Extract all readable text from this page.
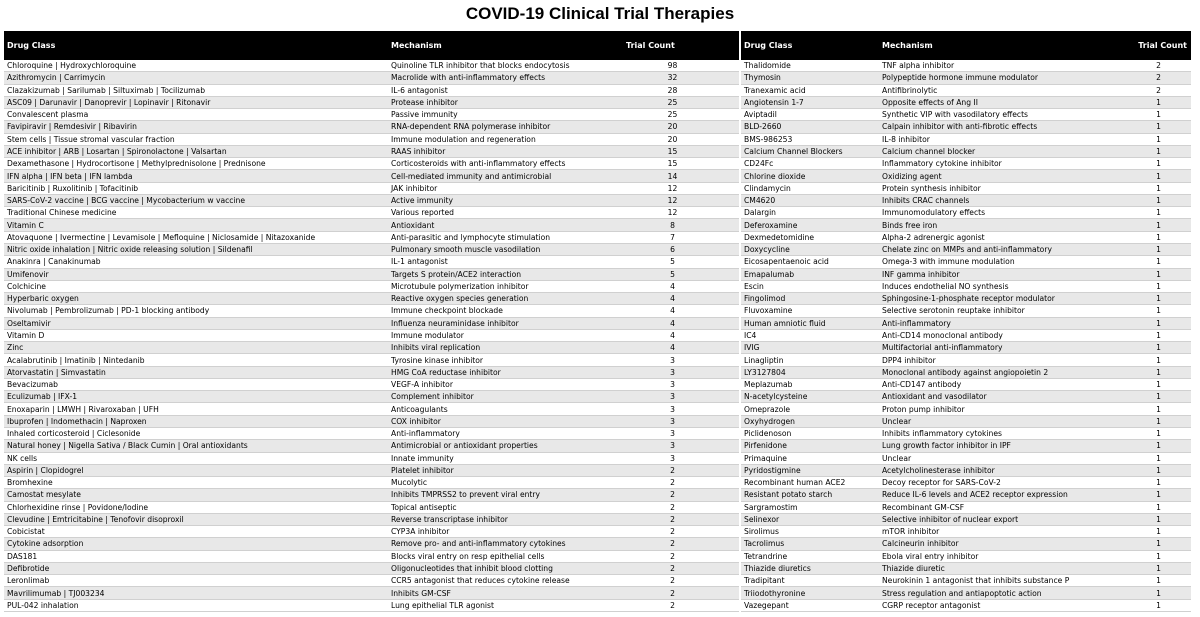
COVID-19 Clinical Trial Therapies
Drug Class	Mechanism	Trial Count
Chloroquine | Hydroxychloroquine	Quinoline TLR inhibitor that blocks endocytosis	98
Azithromycin | Carrimycin	Macrolide with anti-inflammatory effects	32
Clazakizumab | Sarilumab | Siltuximab | Tocilizumab	IL-6 antagonist	28
ASC09 | Darunavir | Danoprevir | Lopinavir | Ritonavir	Protease inhibitor	25
Convalescent plasma	Passive immunity	25
Favipiravir | Remdesivir | Ribavirin	RNA-dependent RNA polymerase inhibitor	20
Stem cells | Tissue stromal vascular fraction	Immune modulation and regeneration	20
ACE inhibitor | ARB | Losartan | Spironolactone | Valsartan	RAAS inhibitor	15
Dexamethasone | Hydrocortisone | Methylprednisolone | Prednisone	Corticosteroids with anti-inflammatory effects	15
IFN alpha | IFN beta | IFN lambda	Cell-mediated immunity and antimicrobial	14
Baricitinib | Ruxolitinib | Tofacitinib	JAK inhibitor	12
SARS-CoV-2 vaccine | BCG vaccine | Mycobacterium w vaccine	Active immunity	12
Traditional Chinese medicine	Various reported	12
Vitamin C	Antioxidant	8
Atovaquone | Ivermectine | Levamisole | Mefloquine | Niclosamide | Nitazoxanide	Anti-parasitic and lymphocyte stimulation	7
Nitric oxide inhalation | Nitric oxide releasing solution | Sildenafil	Pulmonary smooth muscle vasodilation	6
Anakinra | Canakinumab	IL-1 antagonist	5
Umifenovir	Targets S protein/ACE2 interaction	5
Colchicine	Microtubule polymerization inhibitor	4
Hyperbaric oxygen	Reactive oxygen species generation	4
Nivolumab | Pembrolizumab | PD-1 blocking antibody	Immune checkpoint blockade	4
Oseltamivir	Influenza neuraminidase inhibitor	4
Vitamin D	Immune modulator	4
Zinc	Inhibits viral replication	4
Acalabrutinib | Imatinib | Nintedanib	Tyrosine kinase inhibitor	3
Atorvastatin | Simvastatin	HMG CoA reductase inhibitor	3
Bevacizumab	VEGF-A inhibitor	3
Eculizumab | IFX-1	Complement inhibitor	3
Enoxaparin | LMWH | Rivaroxaban | UFH	Anticoagulants	3
Ibuprofen | Indomethacin | Naproxen	COX inhibitor	3
Inhaled corticosteroid | Ciclesonide	Anti-inflammatory	3
Natural honey | Nigella Sativa / Black Cumin | Oral antioxidants	Antimicrobial or antioxidant properties	3
NK cells	Innate immunity	3
Aspirin | Clopidogrel	Platelet inhibitor	2
Bromhexine	Mucolytic	2
Camostat mesylate	Inhibits TMPRSS2 to prevent viral entry	2
Chlorhexidine rinse | Povidone/Iodine	Topical antiseptic	2
Clevudine | Emtricitabine | Tenofovir disoproxil	Reverse transcriptase inhibitor	2
Cobicistat	CYP3A inhibitor	2
Cytokine adsorption	Remove pro- and anti-inflammatory cytokines	2
DAS181	Blocks viral entry on resp epithelial cells	2
Defibrotide	Oligonucleotides that inhibit blood clotting	2
Leronlimab	CCR5 antagonist that reduces cytokine release	2
Mavrilimumab | TJ003234	Inhibits GM-CSF	2
PUL-042 inhalation	Lung epithelial TLR agonist	2
Drug Class	Mechanism	Trial Count
Thalidomide	TNF alpha inhibitor	2
Thymosin	Polypeptide hormone immune modulator	2
Tranexamic acid	Antifibrinolytic	2
Angiotensin 1-7	Opposite effects of Ang II	1
Aviptadil	Synthetic VIP with vasodilatory effects	1
BLD-2660	Calpain inhibitor with anti-fibrotic effects	1
BMS-986253	IL-8 inhibitor	1
Calcium Channel Blockers	Calcium channel blocker	1
CD24Fc	Inflammatory cytokine inhibitor	1
Chlorine dioxide	Oxidizing agent	1
Clindamycin	Protein synthesis inhibitor	1
CM4620	Inhibits CRAC channels	1
Dalargin	Immunomodulatory effects	1
Deferoxamine	Binds free iron	1
Dexmedetomidine	Alpha-2 adrenergic agonist	1
Doxycycline	Chelate zinc on MMPs and anti-inflammatory	1
Eicosapentaenoic acid	Omega-3 with immune modulation	1
Emapalumab	INF gamma inhibitor	1
Escin	Induces endothelial NO synthesis	1
Fingolimod	Sphingosine-1-phosphate receptor modulator	1
Fluvoxamine	Selective serotonin reuptake inhibitor	1
Human amniotic fluid	Anti-inflammatory	1
IC4	Anti-CD14 monoclonal antibody	1
IVIG	Multifactorial anti-inflammatory	1
Linagliptin	DPP4 inhibitor	1
LY3127804	Monoclonal antibody against angiopoietin 2	1
Meplazumab	Anti-CD147 antibody	1
N-acetylcysteine	Antioxidant and vasodilator	1
Omeprazole	Proton pump inhibitor	1
Oxyhydrogen	Unclear	1
Piclidenoson	Inhibits inflammatory cytokines	1
Pirfenidone	Lung growth factor inhibitor in IPF	1
Primaquine	Unclear	1
Pyridostigmine	Acetylcholinesterase inhibitor	1
Recombinant human ACE2	Decoy receptor for SARS-CoV-2	1
Resistant potato starch	Reduce IL-6 levels and ACE2 receptor expression	1
Sargramostim	Recombinant GM-CSF	1
Selinexor	Selective inhibitor of nuclear export	1
Sirolimus	mTOR inhibitor	1
Tacrolimus	Calcineurin inhibitor	1
Tetrandrine	Ebola viral entry inhibitor	1
Thiazide diuretics	Thiazide diuretic	1
Tradipitant	Neurokinin 1 antagonist that inhibits substance P	1
Triiodothyronine	Stress regulation and antiapoptotic action	1
Vazegepant	CGRP receptor antagonist	1
